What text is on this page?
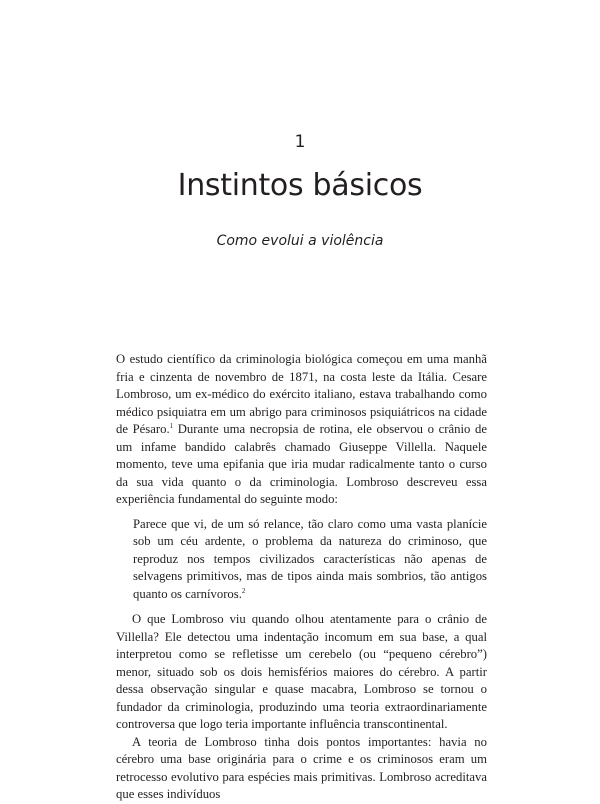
1
Instintos básicos
Como evolui a violência

O estudo científico da criminologia biológica começou em uma manhã fria e cinzenta de novembro de 1871, na costa leste da Itália. Cesare Lombroso, um ex-médico do exército italiano, estava trabalhando como médico psiquiatra em um abrigo para criminosos psiquiátricos na cidade de Pésaro.$^1$ Durante uma necropsia de rotina, ele observou o crânio de um infame bandido calabrês chamado Giuseppe Villella. Naquele momento, teve uma epifania que iria mudar radicalmente tanto o curso da sua vida quanto o da criminologia. Lombroso descreveu essa experiência fundamental do seguinte modo:

Parece que vi, de um só relance, tão claro como uma vasta planície sob um céu ardente, o problema da natureza do criminoso, que reproduz nos tempos civilizados características não apenas de selvagens primitivos, mas de tipos ainda mais sombrios, tão antigos quanto os carnívoros.$^2$

O que Lombroso viu quando olhou atentamente para o crânio de Villella? Ele detectou uma indentação incomum em sua base, a qual interpretou como se refletisse um cerebelo (ou “pequeno cérebro”) menor, situado sob os dois hemisférios maiores do cérebro. A partir dessa observação singular e quase macabra, Lombroso se tornou o fundador da criminologia, produzindo uma teoria extraordinariamente controversa que logo teria importante influência transcontinental.

A teoria de Lombroso tinha dois pontos importantes: havia no cérebro uma base originária para o crime e os criminosos eram um retrocesso evolutivo para espécies mais primitivas. Lombroso acreditava que esses indivíduos
